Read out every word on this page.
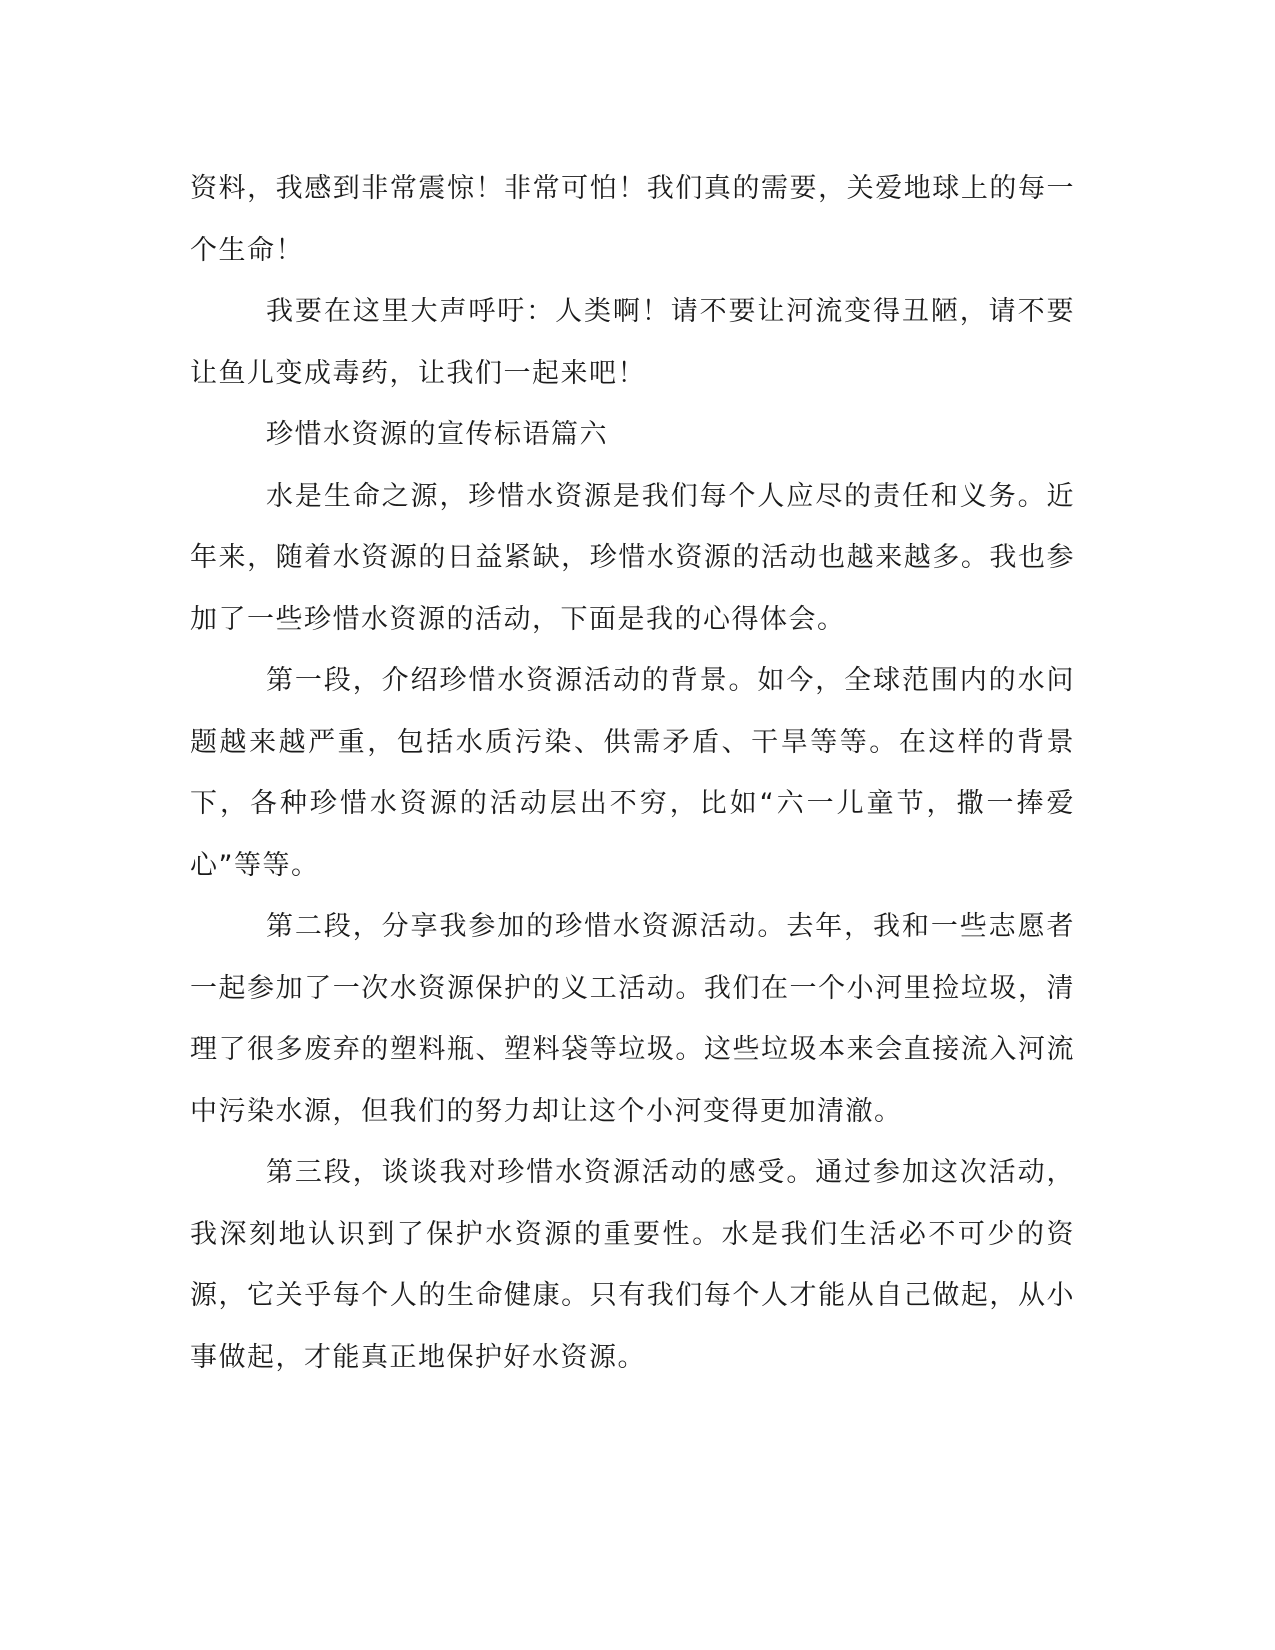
资料，我感到非常震惊！非常可怕！我们真的需要，关爱地球上的每一个生命！

我要在这里大声呼吁：人类啊！请不要让河流变得丑陋，请不要让鱼儿变成毒药，让我们一起来吧！

珍惜水资源的宣传标语篇六

水是生命之源，珍惜水资源是我们每个人应尽的责任和义务。近年来，随着水资源的日益紧缺，珍惜水资源的活动也越来越多。我也参加了一些珍惜水资源的活动，下面是我的心得体会。

第一段，介绍珍惜水资源活动的背景。如今，全球范围内的水问题越来越严重，包括水质污染、供需矛盾、干旱等等。在这样的背景下，各种珍惜水资源的活动层出不穷，比如“六一儿童节，撒一捧爱心”等等。

第二段，分享我参加的珍惜水资源活动。去年，我和一些志愿者一起参加了一次水资源保护的义工活动。我们在一个小河里捡垃圾，清理了很多废弃的塑料瓶、塑料袋等垃圾。这些垃圾本来会直接流入河流中污染水源，但我们的努力却让这个小河变得更加清澈。

第三段，谈谈我对珍惜水资源活动的感受。通过参加这次活动，我深刻地认识到了保护水资源的重要性。水是我们生活必不可少的资源，它关乎每个人的生命健康。只有我们每个人才能从自己做起，从小事做起，才能真正地保护好水资源。
